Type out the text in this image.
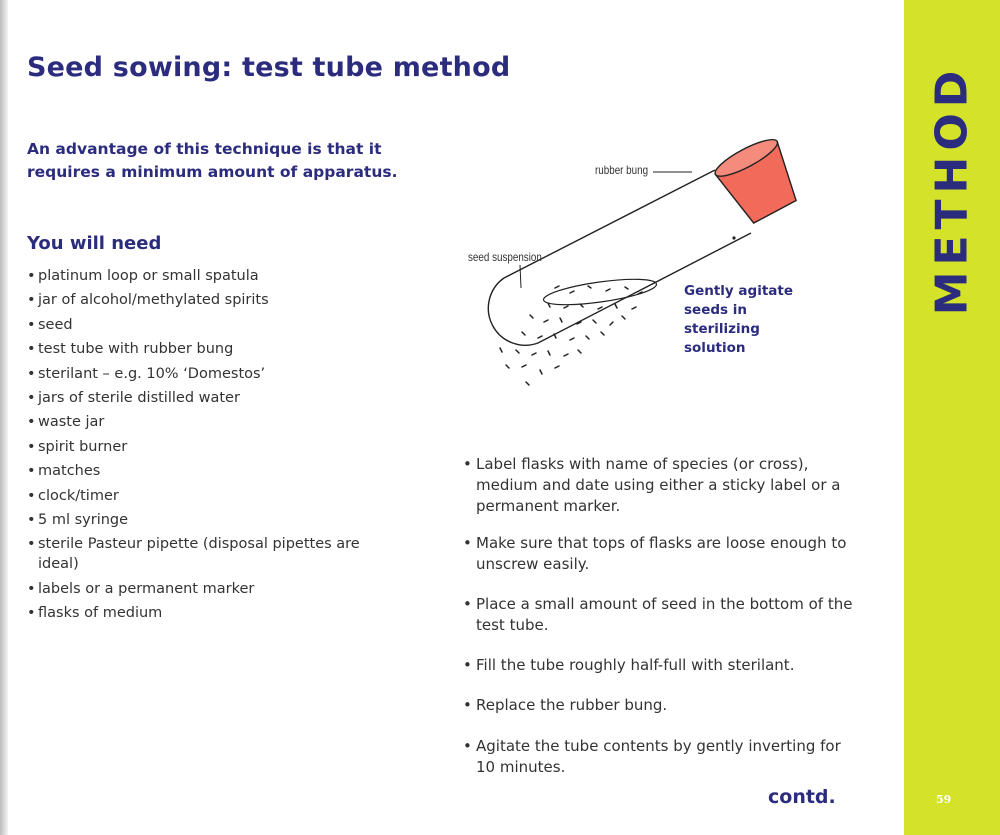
Seed sowing: test tube method

An advantage of this technique is that it requires a minimum amount of apparatus.

You will need
• platinum loop or small spatula
• jar of alcohol/methylated spirits
• seed
• test tube with rubber bung
• sterilant – e.g. 10% ‘Domestos’
• jars of sterile distilled water
• waste jar
• spirit burner
• matches
• clock/timer
• 5 ml syringe
• sterile Pasteur pipette (disposal pipettes are ideal)
• labels or a permanent marker
• flasks of medium
rubber bung
seed suspension

Gently agitate seeds in sterilizing solution

• Label flasks with name of species (or cross), medium and date using either a sticky label or a permanent marker.
• Make sure that tops of flasks are loose enough to unscrew easily.
• Place a small amount of seed in the bottom of the test tube.
• Fill the tube roughly half-full with sterilant.
• Replace the rubber bung.
• Agitate the tube contents by gently inverting for 10 minutes.

contd.

METHOD
59
